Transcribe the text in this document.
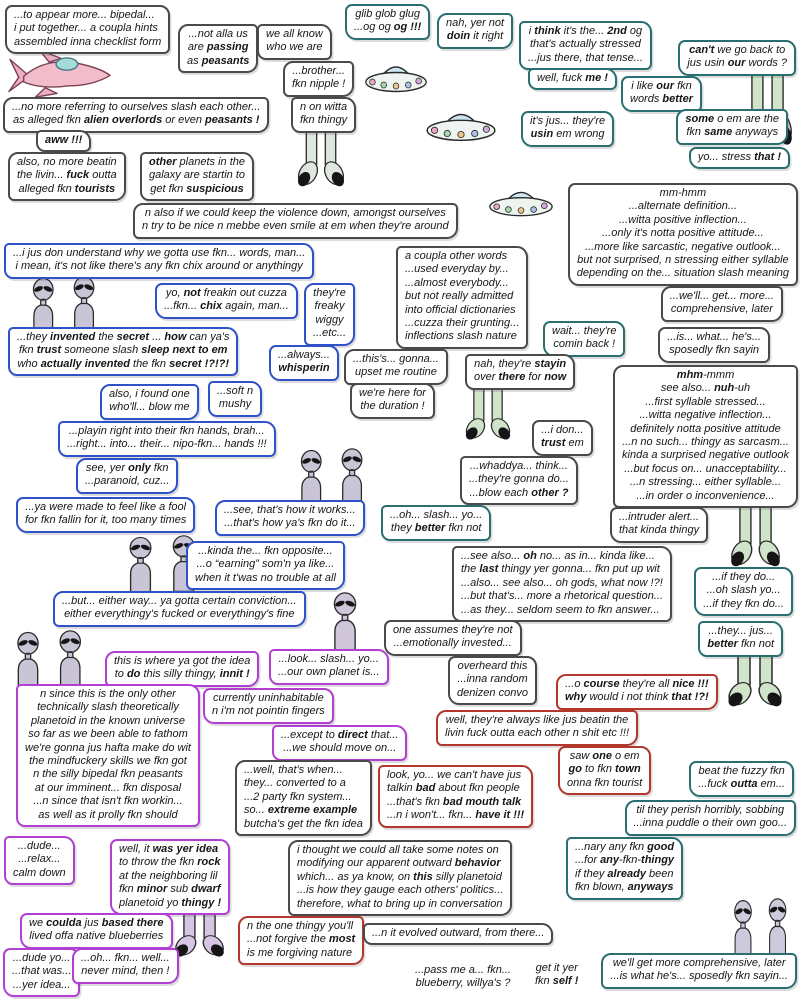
...to appear more... bipedal...
i put together... a coupla hints
assembled inna checklist form
...not alla us
are passing
as peasants
we all know
who we are
glib glob glug
...og og og !!!	nah, yer not
doin it right	i think it's the... 2nd og
that's actually stressed
...jus there, that tense...
can't we go back to
jus usin our words ?
...brother...
fkn nipple !
well, fuck me !
i like our fkn
words better
...no more referring to ourselves slash each other...
as alleged fkn alien overlords or even peasants !
n on witta
fkn thingy	it's jus... they're
usin em wrong
some o em are the
fkn same anyways
aww !!!
yo... stress that !
also, no more beatin
the livin... fuck outta
alleged fkn tourists
other planets in the
galaxy are startin to
get fkn suspicious	mm-hmm
...alternate definition...
...witta positive inflection...
...only it's notta positive attitude...
...more like sarcastic, negative outlook...
but not surprised, n stressing either syllable
depending on the... situation slash meaning
n also if we could keep the violence down, amongst ourselves
n try to be nice n mebbe even smile at em when they're around
...i jus don understand why we gotta use fkn... words, man...
i mean, it's not like there's any fkn chix around or anythingy
yo, not freakin out cuzza
...fkn... chix again, man...
they're
freaky
wiggy
...etc...
a coupla other words
...used everyday by...
...almost everybody...
but not really admitted
into official dictionaries
...cuzza their grunting...
inflections slash nature	wait... they're
comin back !
...we'll... get... more...
comprehensive, later
...they invented the secret ... how can ya's
fkn trust someone slash sleep next to em
who actually invented the fkn secret !?!?!
...always...
whisperin
...this's... gonna...
upset me routine
nah, they're stayin
over there for now
...is... what... he's...
sposedly fkn sayin
also, i found one
who'll... blow me
...soft n
mushy
we're here for
the duration !
mhm-mmm
see also... nuh-uh
...first syllable stressed...
...witta negative inflection...
definitely notta positive attitude
...n no such... thingy as sarcasm...
kinda a surprised negative outlook
...but focus on... unacceptability...
...n stressing... either syllable...
...in order o inconvenience...
...playin right into their fkn hands, brah...
...right... into... their... nipo-fkn... hands !!!
...i don...
trust em
see, yer only fkn
...paranoid, cuz...
...whaddya... think...
...they're gonna do...
...blow each other ?
...ya were made to feel like a fool
for fkn fallin for it, too many times
...see, that's how it works...
...that's how ya's fkn do it...
...oh... slash... yo...
they better fkn not
...intruder alert...
that kinda thingy
...kinda the... fkn opposite...
...o “earning” som'n ya like...
when it t'was no trouble at all
...see also... oh no... as in... kinda like...
the last thingy yer gonna... fkn put up wit
...also... see also... oh gods, what now !?!
...but that's... more a rhetorical question...
...as they... seldom seem to fkn answer...
...if they do...
...oh slash yo...
...if they fkn do...
...but... either way... ya gotta certain conviction...
either everythingy's fucked or everythingy's fine
...they... jus...
better fkn not
one assumes they're not
...emotionally invested...
this is where ya got the idea
to do this silly thingy, innit !
...look... slash... yo...
...our own planet is...
overheard this
...inna random
denizen convo
...o course they're all nice !!!
why would i not think that !?!
n since this is the only other
technically slash theoretically
planetoid in the known universe
so far as we been able to fathom
we're gonna jus hafta make do wit
the mindfuckery skills we fkn got
n the silly bipedal fkn peasants
at our imminent... fkn disposal
...n since that isn't fkn workin...
as well as it prolly fkn should
currently uninhabitable
n i'm not pointin fingers
well, they're always like jus beatin the
livin fuck outta each other n shit etc !!!
...except to direct that...
...we should move on...
saw one o em
go to fkn town
onna fkn tourist
...well, that's when...
they... converted to a
...2 party fkn system...
so... extreme example
butcha's get the fkn idea
look, yo... we can't have jus
talkin bad about fkn people
...that's fkn bad mouth talk
...n i won't... fkn... have it !!!
beat the fuzzy fkn
...fuck outta em...
til they perish horribly, sobbing
...inna puddle o their own goo...
...dude...
...relax...
calm down
well, it was yer idea
to throw the fkn rock
at the neighboring lil
fkn minor sub dwarf
planetoid yo thingy !
i thought we could all take some notes on
modifying our apparent outward behavior
which... as ya know, on this silly planetoid
...is how they gauge each others' politics...
therefore, what to bring up in conversation
...nary any fkn good
...for any-fkn-thingy
if they already been
fkn blown, anyways
we coulda jus based there
lived offa native blueberries
n the one thingy you'll
...not forgive the most
is me forgiving nature
...n it evolved outward, from there...
...dude yo...
...that was...
...yer idea...
...oh... fkn... well...
never mind, then !	...pass me a... fkn...
blueberry, willya's ?
get it yer
fkn self !
we'll get more comprehensive, later
...is what he's... sposedly fkn sayin...
